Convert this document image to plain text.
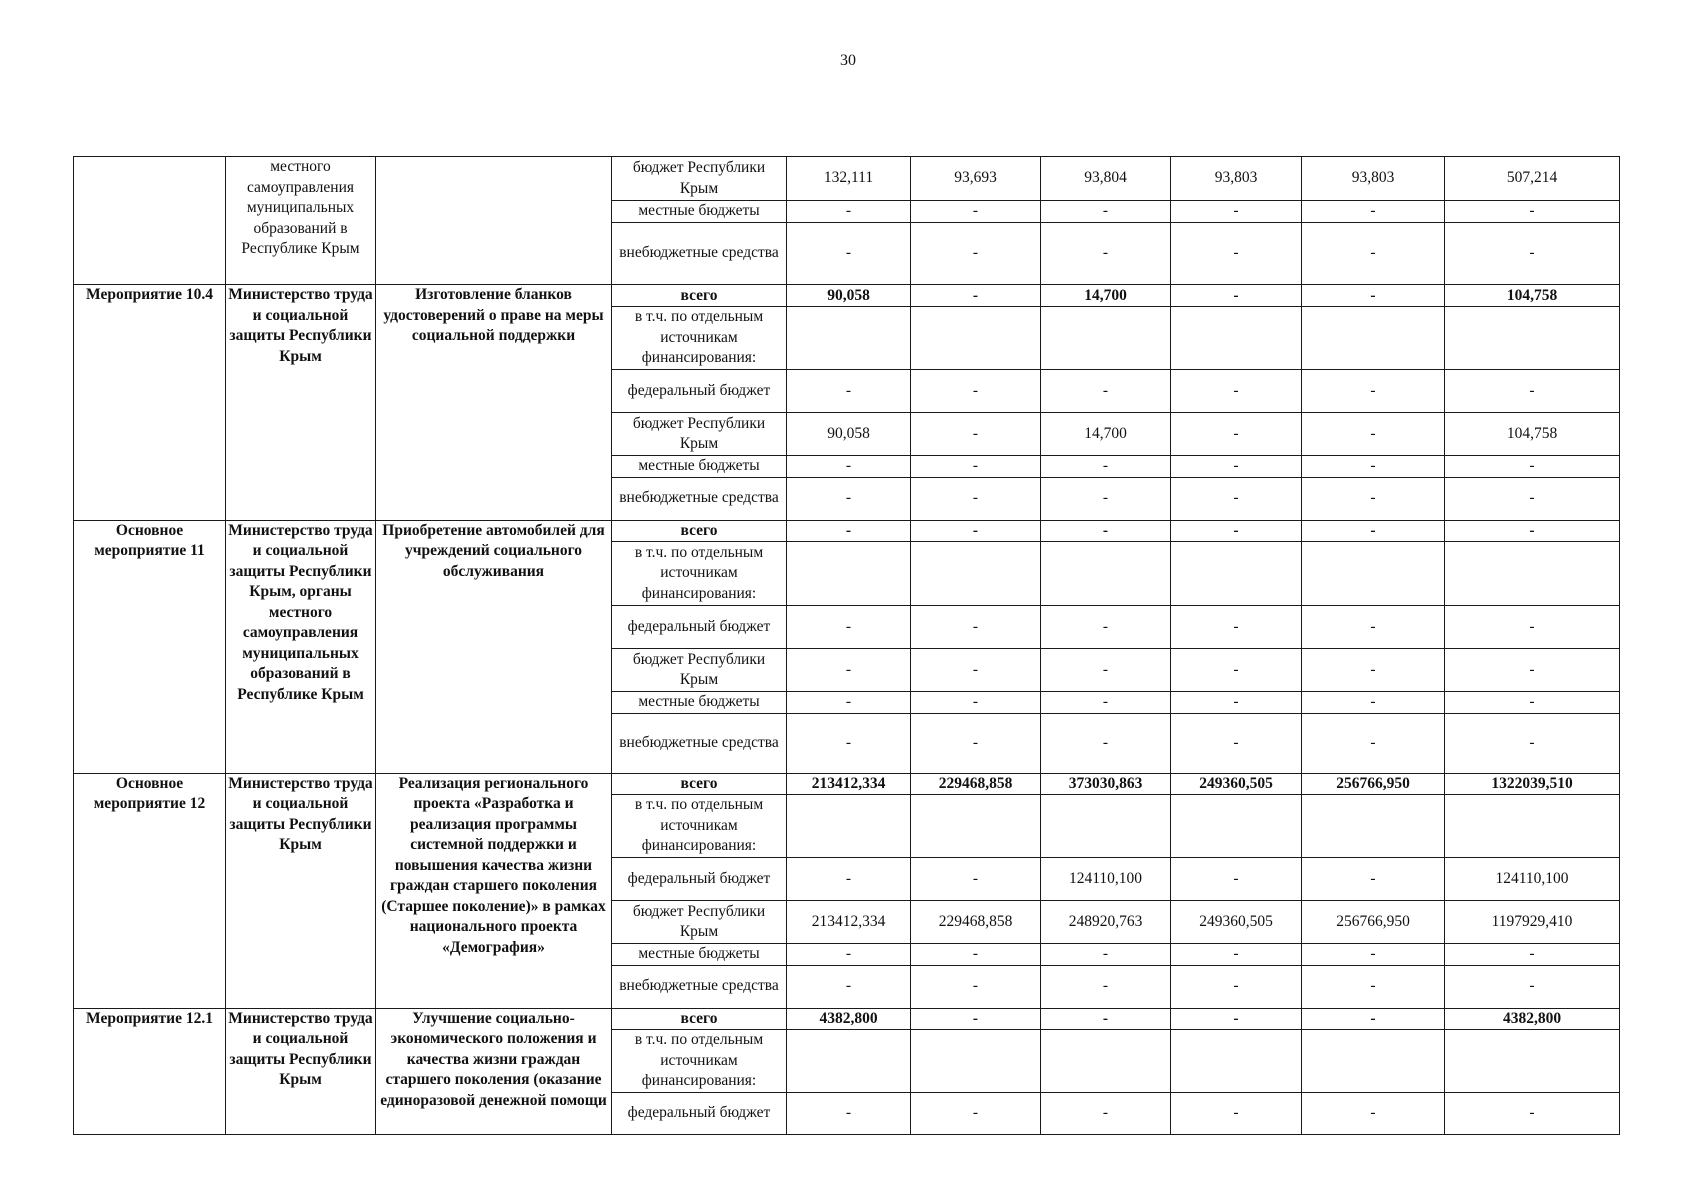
30
	местного самоуправления муниципальных образований в Республике Крым		бюджет Республики Крым	132,111	93,693	93,804	93,803	93,803	507,214
			местные бюджеты	-	-	-	-	-	-
			внебюджетные средства	-	-	-	-	-	-
Мероприятие 10.4	Министерство труда и социальной защиты Республики Крым	Изготовление бланков удостоверений о праве на меры социальной поддержки	всего	90,058	-	14,700	-	-	104,758
			в т.ч. по отдельным источникам финансирования:						
			федеральный бюджет	-	-	-	-	-	-
			бюджет Республики Крым	90,058	-	14,700	-	-	104,758
			местные бюджеты	-	-	-	-	-	-
			внебюджетные средства	-	-	-	-	-	-
Основное мероприятие 11	Министерство труда и социальной защиты Республики Крым, органы местного самоуправления муниципальных образований в Республике Крым	Приобретение автомобилей для учреждений социального обслуживания	всего	-	-	-	-	-	-
			в т.ч. по отдельным источникам финансирования:						
			федеральный бюджет	-	-	-	-	-	-
			бюджет Республики Крым	-	-	-	-	-	-
			местные бюджеты	-	-	-	-	-	-
			внебюджетные средства	-	-	-	-	-	-
Основное мероприятие 12	Министерство труда и социальной защиты Республики Крым	Реализация регионального проекта «Разработка и реализация программы системной поддержки и повышения качества жизни граждан старшего поколения (Старшее поколение)» в рамках национального проекта «Демография»	всего	213412,334	229468,858	373030,863	249360,505	256766,950	1322039,510
			в т.ч. по отдельным источникам финансирования:						
			федеральный бюджет	-	-	124110,100	-	-	124110,100
			бюджет Республики Крым	213412,334	229468,858	248920,763	249360,505	256766,950	1197929,410
			местные бюджеты	-	-	-	-	-	-
			внебюджетные средства	-	-	-	-	-	-
Мероприятие 12.1	Министерство труда и социальной защиты Республики Крым	Улучшение социально-экономического положения и качества жизни граждан старшего поколения (оказание единоразовой денежной помощи	всего	4382,800	-	-	-	-	4382,800
			в т.ч. по отдельным источникам финансирования:						
			федеральный бюджет	-	-	-	-	-	-
